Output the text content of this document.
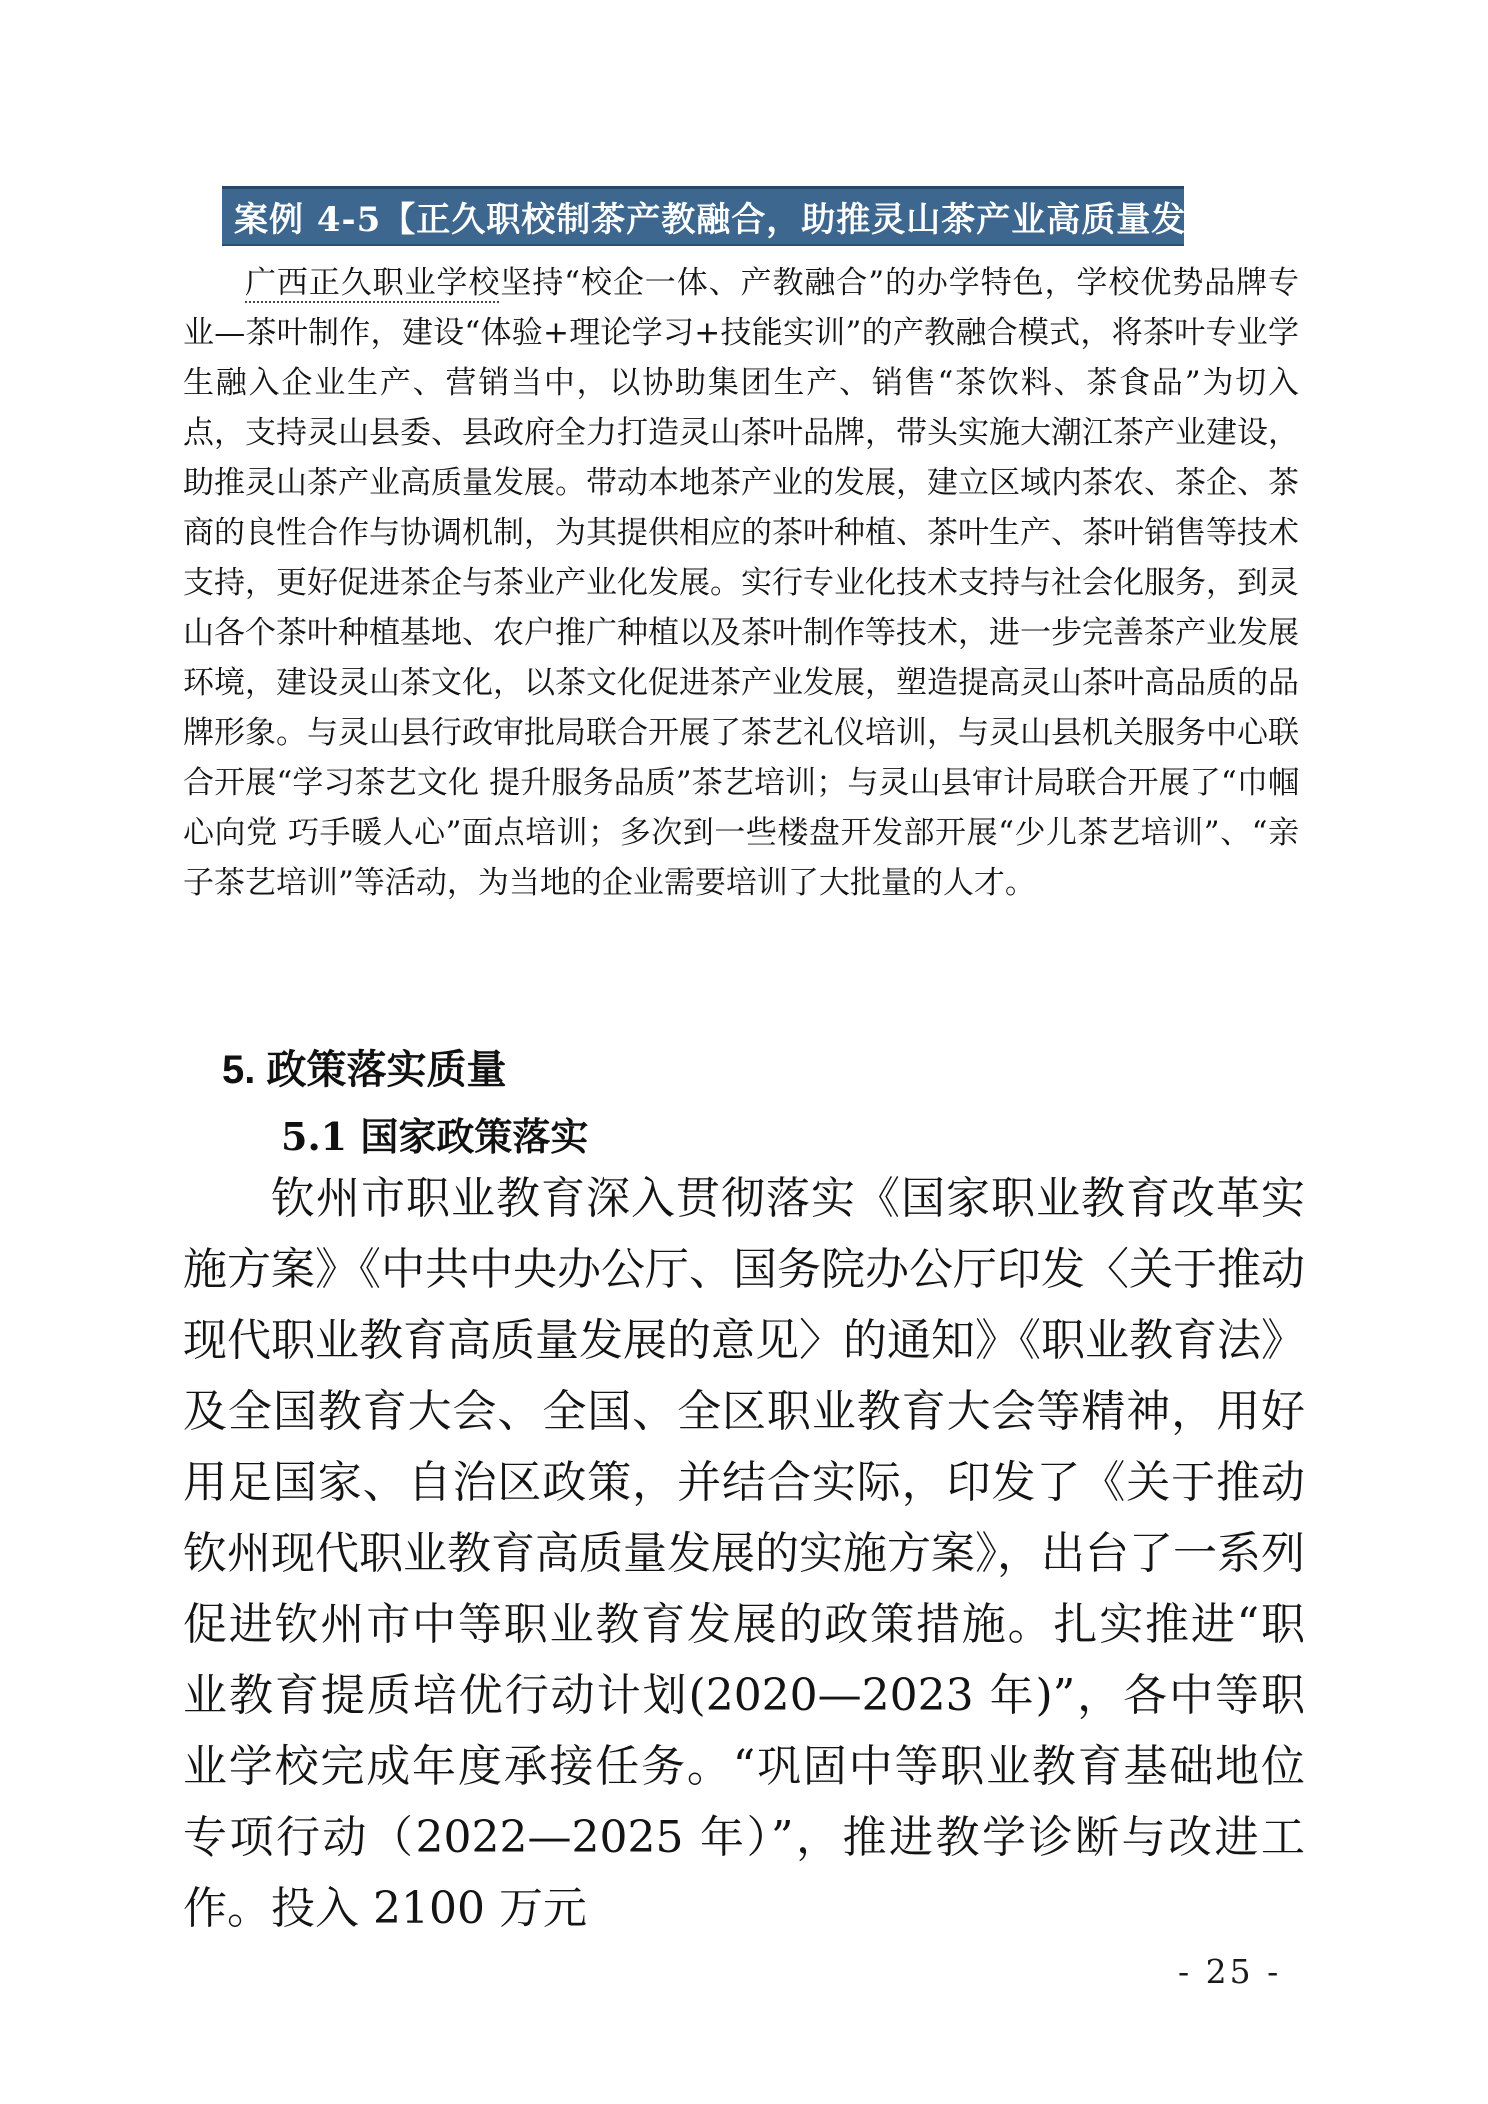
案例 4-5【正久职校制茶产教融合，助推灵山茶产业高质量发展】
广西正久职业学校坚持“校企一体、产教融合”的办学特色，学校优势品牌专业—茶叶制作，建设“体验+理论学习+技能实训”的产教融合模式，将茶叶专业学生融入企业生产、营销当中，以协助集团生产、销售“茶饮料、茶食品”为切入点，支持灵山县委、县政府全力打造灵山茶叶品牌，带头实施大潮江茶产业建设，助推灵山茶产业高质量发展。带动本地茶产业的发展，建立区域内茶农、茶企、茶商的良性合作与协调机制，为其提供相应的茶叶种植、茶叶生产、茶叶销售等技术支持，更好促进茶企与茶业产业化发展。实行专业化技术支持与社会化服务，到灵山各个茶叶种植基地、农户推广种植以及茶叶制作等技术，进一步完善茶产业发展环境，建设灵山茶文化，以茶文化促进茶产业发展，塑造提高灵山茶叶高品质的品牌形象。与灵山县行政审批局联合开展了茶艺礼仪培训，与灵山县机关服务中心联合开展“学习茶艺文化 提升服务品质”茶艺培训；与灵山县审计局联合开展了“巾帼心向党 巧手暖人心”面点培训；多次到一些楼盘开发部开展“少儿茶艺培训”、“亲子茶艺培训”等活动，为当地的企业需要培训了大批量的人才。
5. 政策落实质量
5.1 国家政策落实
钦州市职业教育深入贯彻落实《国家职业教育改革实施方案》《中共中央办公厅、国务院办公厅印发〈关于推动现代职业教育高质量发展的意见〉的通知》《职业教育法》及全国教育大会、全国、全区职业教育大会等精神，用好用足国家、自治区政策，并结合实际，印发了《关于推动钦州现代职业教育高质量发展的实施方案》，出台了一系列促进钦州市中等职业教育发展的政策措施。扎实推进“职业教育提质培优行动计划(2020—2023 年)”，各中等职业学校完成年度承接任务。“巩固中等职业教育基础地位专项行动（2022—2025 年）”，推进教学诊断与改进工作。投入 2100 万元
- 25 -
